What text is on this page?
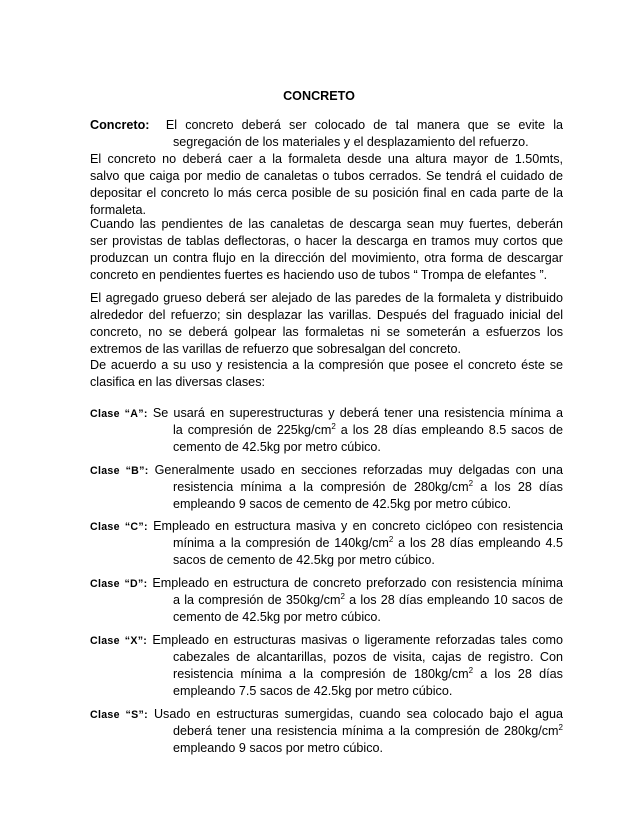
CONCRETO
Concreto: El concreto deberá ser colocado de tal manera que se evite la
segregación de los materiales y el desplazamiento del refuerzo.
El concreto no deberá caer a la formaleta desde una altura mayor de 1.50mts,
salvo que caiga por medio de canaletas o tubos cerrados. Se tendrá el cuidado de
depositar el concreto lo más cerca posible de su posición final en cada parte de la
formaleta.
Cuando las pendientes de las canaletas de descarga sean muy fuertes, deberán
ser provistas de tablas deflectoras, o hacer la descarga en tramos muy cortos que
produzcan un contra flujo en la dirección del movimiento, otra forma de descargar
concreto en pendientes fuertes es haciendo uso de tubos “ Trompa de elefantes ”.
El agregado grueso deberá ser alejado de las paredes de la formaleta y distribuido
alrededor del refuerzo; sin desplazar las varillas. Después del fraguado inicial del
concreto, no se deberá golpear las formaletas ni se someterán a esfuerzos los
extremos de las varillas de refuerzo que sobresalgan del concreto.
De acuerdo a su uso y resistencia a la compresión que posee el concreto éste se
clasifica en las diversas clases:
Clase “A”: Se usará en superestructuras y deberá tener una resistencia mínima a
la compresión de $225kg/cm^2$ a los 28 días empleando 8.5 sacos de
cemento de 42.5kg por metro cúbico.
Clase “B”: Generalmente usado en secciones reforzadas muy delgadas con una
resistencia mínima a la compresión de $280kg/cm^2$ a los 28 días
empleando 9 sacos de cemento de 42.5kg por metro cúbico.
Clase “C”: Empleado en estructura masiva y en concreto ciclópeo con resistencia
mínima a la compresión de $140kg/cm^2$ a los 28 días empleando 4.5
sacos de cemento de 42.5kg por metro cúbico.
Clase “D”: Empleado en estructura de concreto preforzado con resistencia mínima
a la compresión de $350kg/cm^2$ a los 28 días empleando 10 sacos de
cemento de 42.5kg por metro cúbico.
Clase “X”: Empleado en estructuras masivas o ligeramente reforzadas tales como
cabezales de alcantarillas, pozos de visita, cajas de registro. Con
resistencia mínima a la compresión de $180kg/cm^2$ a los 28 días
empleando 7.5 sacos de 42.5kg por metro cúbico.
Clase “S”: Usado en estructuras sumergidas, cuando sea colocado bajo el agua
deberá tener una resistencia mínima a la compresión de $280kg/cm^2$
empleando 9 sacos por metro cúbico.
